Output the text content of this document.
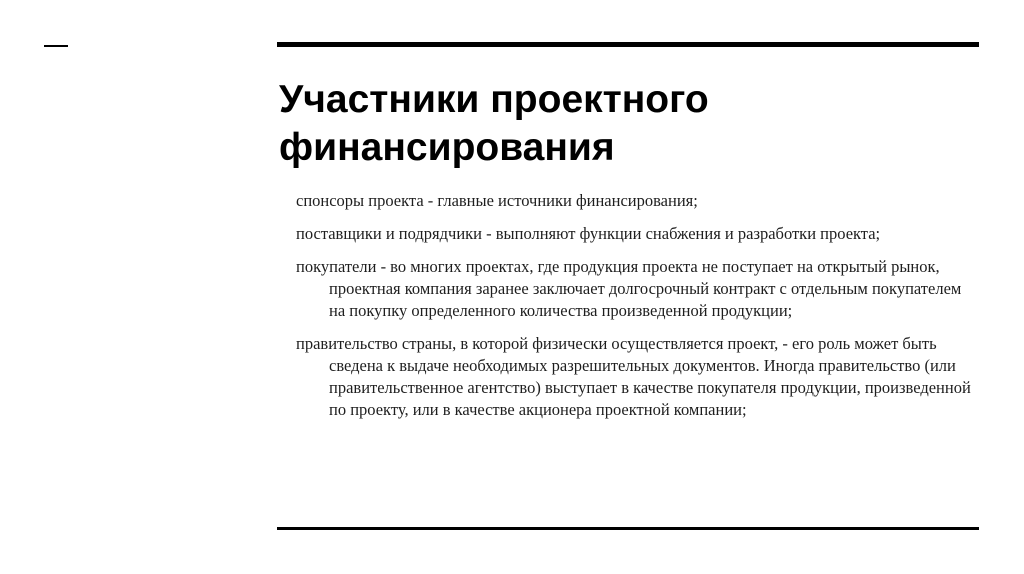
Участники проектного
финансирования

спонсоры проекта - главные источники финансирования;

поставщики и подрядчики - выполняют функции снабжения и разработки проекта;

покупатели - во многих проектах, где продукция проекта не поступает на открытый рынок, проектная компания заранее заключает долгосрочный контракт с отдельным покупателем на покупку определенного количества произведенной продукции;

правительство страны, в которой физически осуществляется проект, - его роль может быть сведена к выдаче необходимых разрешительных документов. Иногда правительство (или правительственное агентство) выступает в качестве покупателя продукции, произведенной по проекту, или в качестве акционера проектной компании;
